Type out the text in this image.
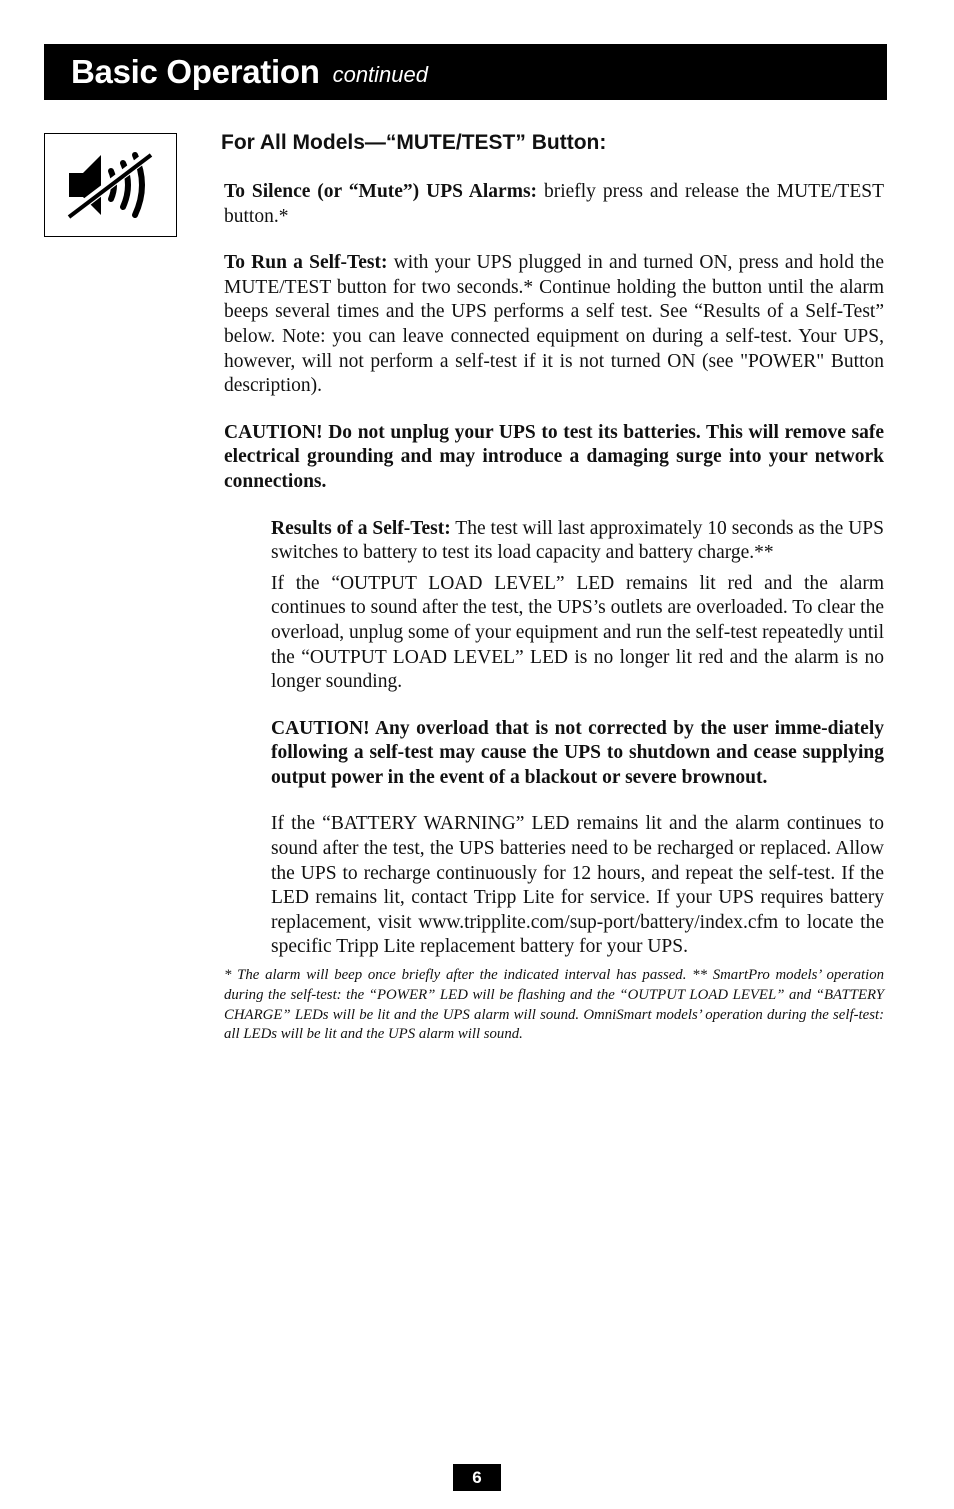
Basic Operation continued
For All Models—“MUTE/TEST” Button:

To Silence (or “Mute”) UPS Alarms: briefly press and release the MUTE/TEST button.*

To Run a Self-Test: with your UPS plugged in and turned ON, press and hold the MUTE/TEST button for two seconds.* Continue holding the button until the alarm beeps several times and the UPS performs a self test. See “Results of a Self-Test” below. Note: you can leave connected equipment on during a self-test. Your UPS, however, will not perform a self-test if it is not turned ON (see "POWER" Button description).

CAUTION! Do not unplug your UPS to test its batteries. This will remove safe electrical grounding and may introduce a damaging surge into your network connections.

Results of a Self-Test: The test will last approximately 10 seconds as the UPS switches to battery to test its load capacity and battery charge.**

If the “OUTPUT LOAD LEVEL” LED remains lit red and the alarm continues to sound after the test, the UPS’s outlets are overloaded. To clear the overload, unplug some of your equipment and run the self-test repeatedly until the “OUTPUT LOAD LEVEL” LED is no longer lit red and the alarm is no longer sounding.

CAUTION! Any overload that is not corrected by the user imme-diately following a self-test may cause the UPS to shutdown and cease supplying output power in the event of a blackout or severe brownout.

If the “BATTERY WARNING” LED remains lit and the alarm continues to sound after the test, the UPS batteries need to be recharged or replaced. Allow the UPS to recharge continuously for 12 hours, and repeat the self-test. If the LED remains lit, contact Tripp Lite for service. If your UPS requires battery replacement, visit www.tripplite.com/sup-port/battery/index.cfm to locate the specific Tripp Lite replacement battery for your UPS.

* The alarm will beep once briefly after the indicated interval has passed. ** SmartPro models’ operation during the self-test: the “POWER” LED will be flashing and the “OUTPUT LOAD LEVEL” and “BATTERY CHARGE” LEDs will be lit and the UPS alarm will sound. OmniSmart models’ operation during the self-test: all LEDs will be lit and the UPS alarm will sound.

6
